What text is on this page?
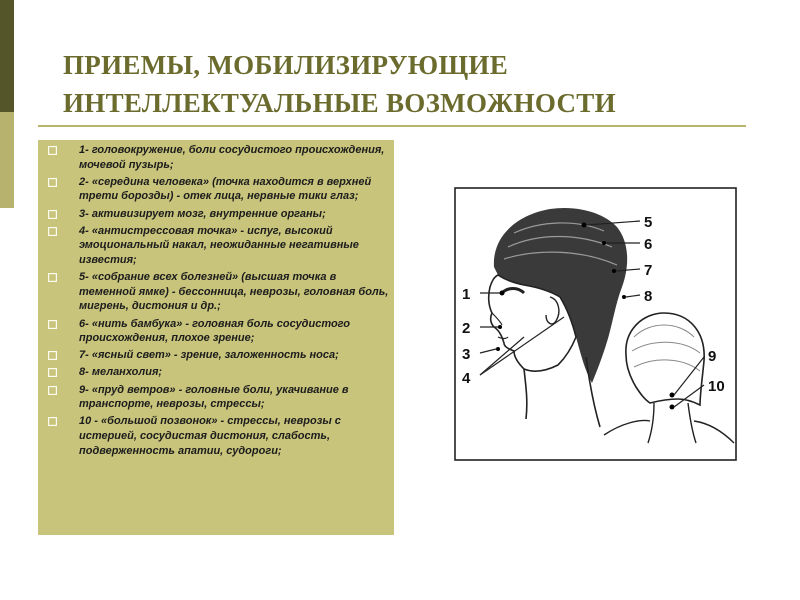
ПРИЕМЫ, МОБИЛИЗИРУЮЩИЕ
ИНТЕЛЛЕКТУАЛЬНЫЕ ВОЗМОЖНОСТИ
1- головокружение, боли сосудистого происхождения, мочевой пузырь;
2- «середина человека» (точка находится в верхней трети борозды) - отек лица, нервные тики глаз;
3- активизирует мозг, внутренние органы;
4- «антистрессовая точка» - испуг, высокий эмоциональный накал, неожиданные негативные известия;
5- «собрание всех болезней» (высшая точка в теменной ямке) - бессонница, неврозы, головная боль, мигрень, дистония и др.;
6- «нить бамбука» - головная боль сосудистого происхождения, плохое зрение;
7- «ясный свет» - зрение, заложенность носа;
8- меланхолия;
9- «пруд ветров» - головные боли, укачивание в транспорте, неврозы, стрессы;
10 - «большой позвонок» - стрессы, неврозы с истерией, сосудистая дистония, слабость, подверженность апатии, судороги;
1
2
3
4
5
6
7
8
9
10
